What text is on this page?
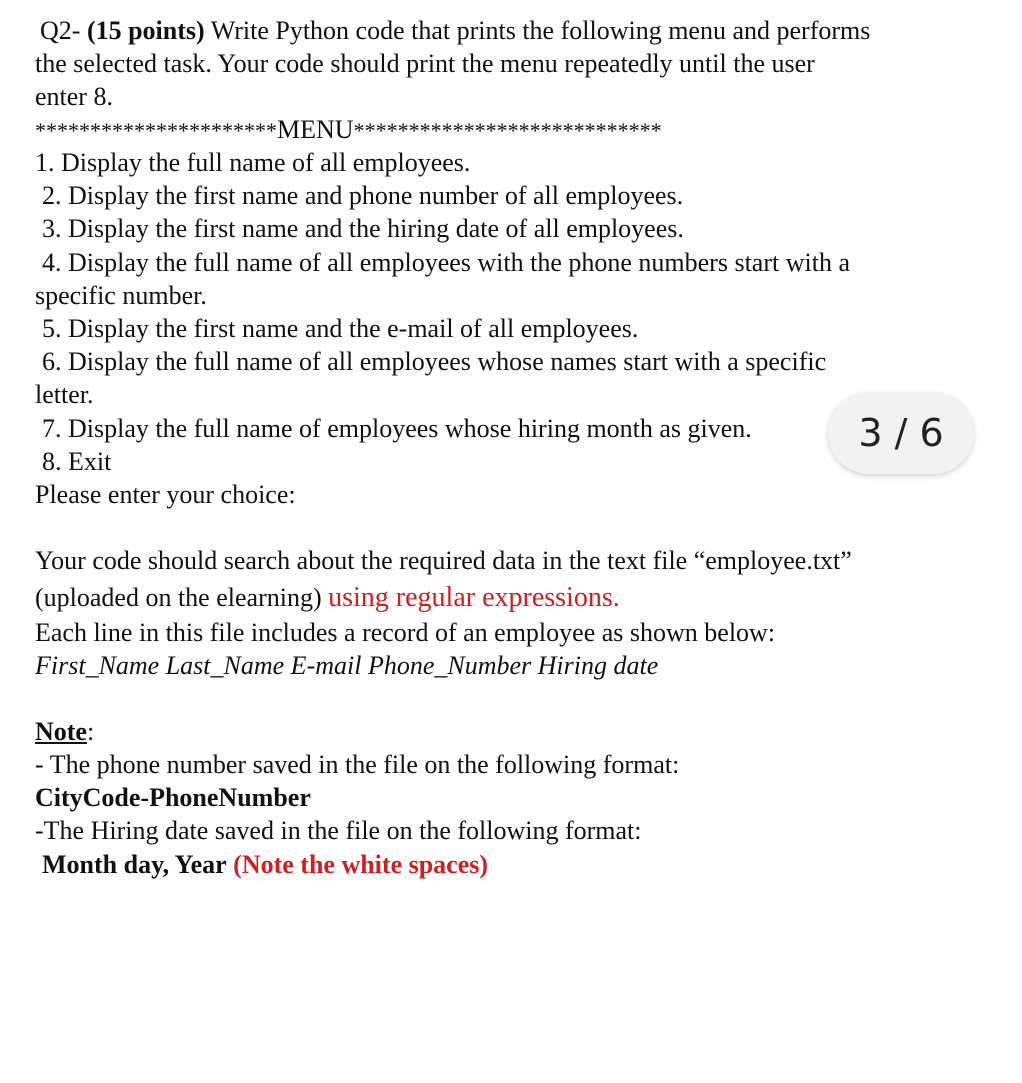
Q2- (15 points) Write Python code that prints the following menu and performs
the selected task. Your code should print the menu repeatedly until the user
enter 8.
**********************MENU****************************
1. Display the full name of all employees.
2. Display the first name and phone number of all employees.
3. Display the first name and the hiring date of all employees.
4. Display the full name of all employees with the phone numbers start with a
specific number.
5. Display the first name and the e-mail of all employees.
6. Display the full name of all employees whose names start with a specific
letter.
7. Display the full name of employees whose hiring month as given.
8. Exit
Please enter your choice:
Your code should search about the required data in the text file “employee.txt”
(uploaded on the elearning) using regular expressions.
Each line in this file includes a record of an employee as shown below:
First_Name Last_Name E-mail Phone_Number Hiring date
Note:
- The phone number saved in the file on the following format:
CityCode-PhoneNumber
-The Hiring date saved in the file on the following format:
Month day, Year (Note the white spaces)
3 / 6
